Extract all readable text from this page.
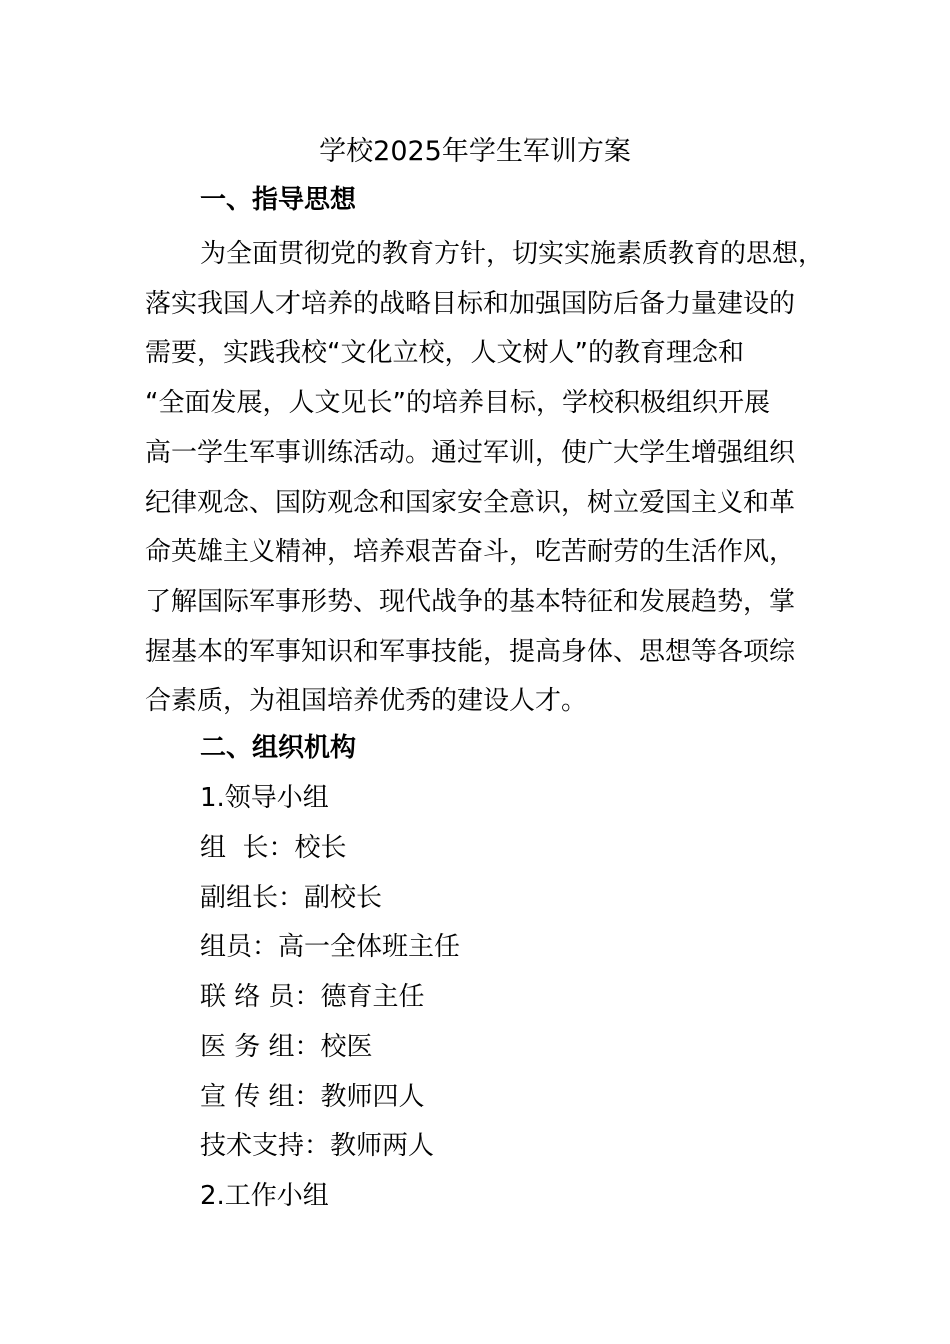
学校2025年学生军训方案
一、指导思想
为全面贯彻党的教育方针，切实实施素质教育的思想，
落实我国人才培养的战略目标和加强国防后备力量建设的
需要，实践我校“文化立校，人文树人”的教育理念和
“全面发展，人文见长”的培养目标，学校积极组织开展
高一学生军事训练活动。通过军训，使广大学生增强组织
纪律观念、国防观念和国家安全意识，树立爱国主义和革
命英雄主义精神，培养艰苦奋斗，吃苦耐劳的生活作风，
了解国际军事形势、现代战争的基本特征和发展趋势，掌
握基本的军事知识和军事技能，提高身体、思想等各项综
合素质，为祖国培养优秀的建设人才。
二、组织机构
1.领导小组
组  长：校长
副组长：副校长
组员：高一全体班主任
联 络 员：德育主任
医 务 组：校医
宣 传 组：教师四人
技术支持：教师两人
2.工作小组
